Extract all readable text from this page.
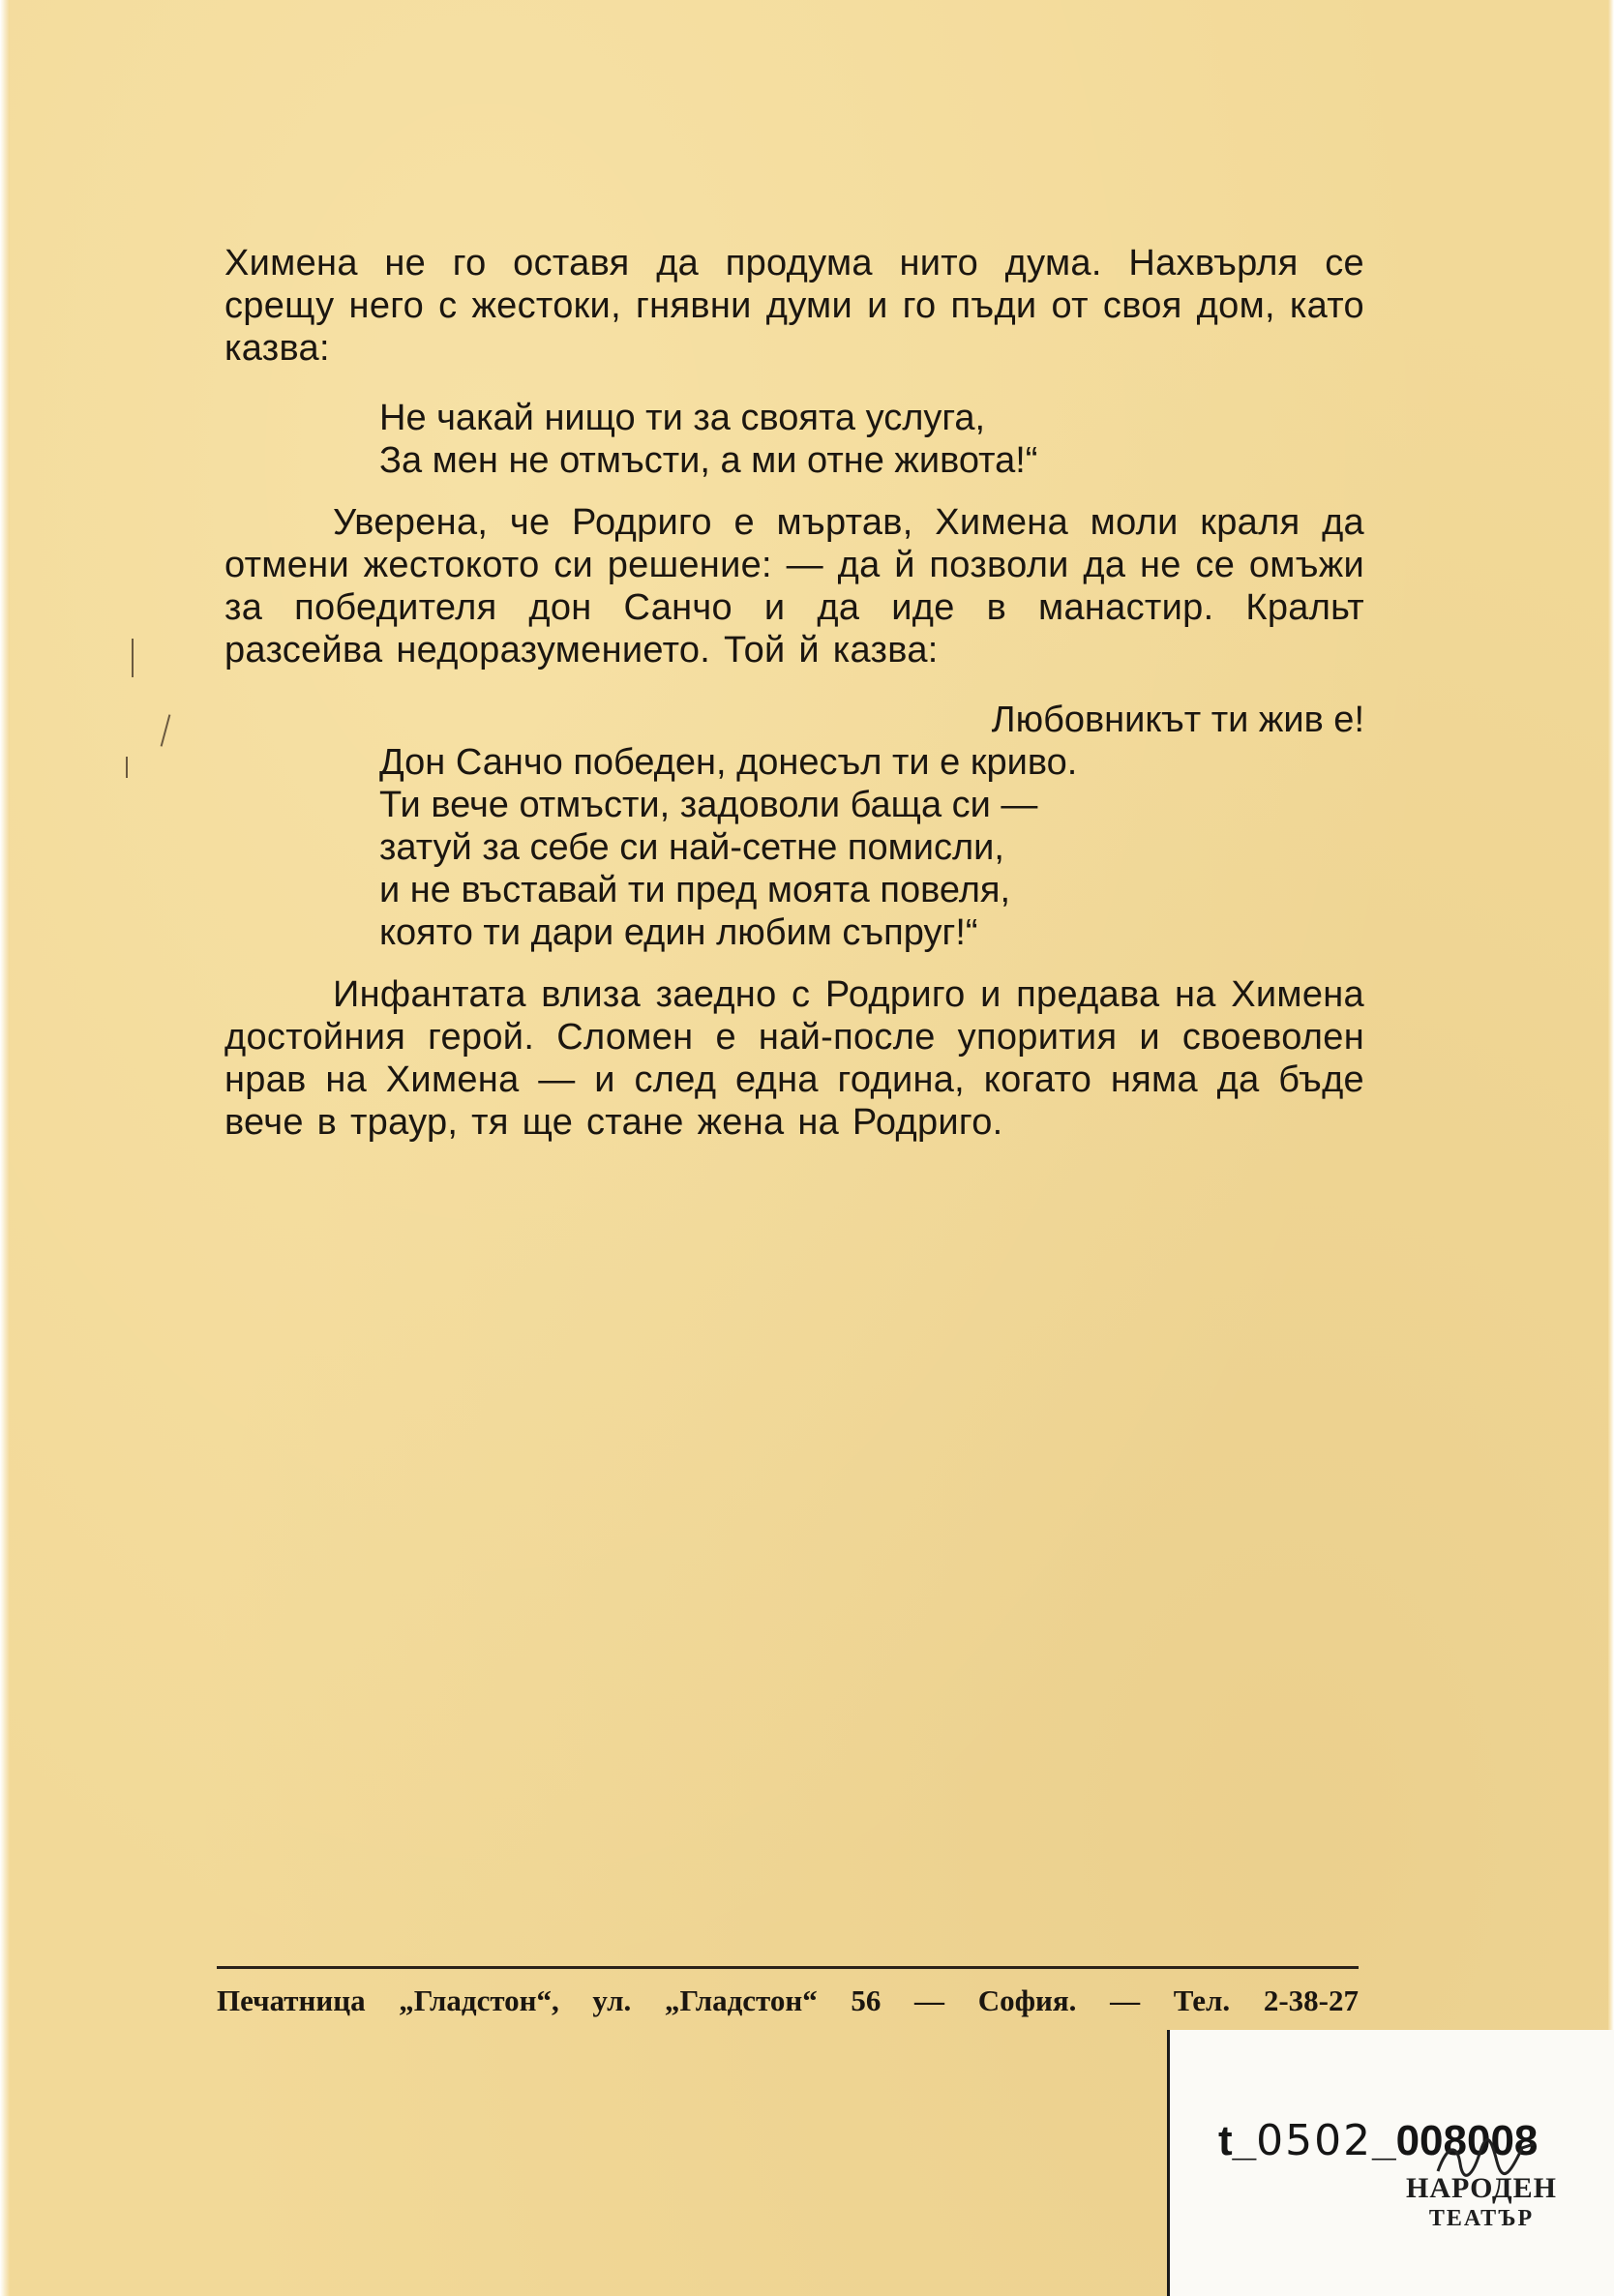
Химена не го оставя да продума нито дума. Нахвърля се срещу него с жестоки, гнявни думи и го пъди от своя дом, като казва:
Не чакай нищо ти за своята услуга,
За мен не отмъсти, а ми отне живота!“
Уверена, че Родриго е мъртав, Химена моли краля да отмени жестокото си решение: — да й позволи да не се омъжи за победителя дон Санчо и да иде в манастир. Кральт разсейва недоразумението. Той й казва:
Любовникът ти жив е!
Дон Санчо победен, донесъл ти е криво.
Ти вече отмъсти, задоволи баща си —
затуй за себе си най-сетне помисли,
и не въставай ти пред моята повеля,
която ти дари един любим съпруг!“
Инфантата влиза заедно с Родриго и предава на Химена достойния герой. Сломен е най-после упорития и своеволен нрав на Химена — и след една година, когато няма да бъде вече в траур, тя ще стане жена на Родриго.
Печатница „Гладстон“, ул. „Гладстон“ 56 — София. — Тел. 2-38-27
t_0502_008008
НАРОДЕН
ТЕАТЪР
